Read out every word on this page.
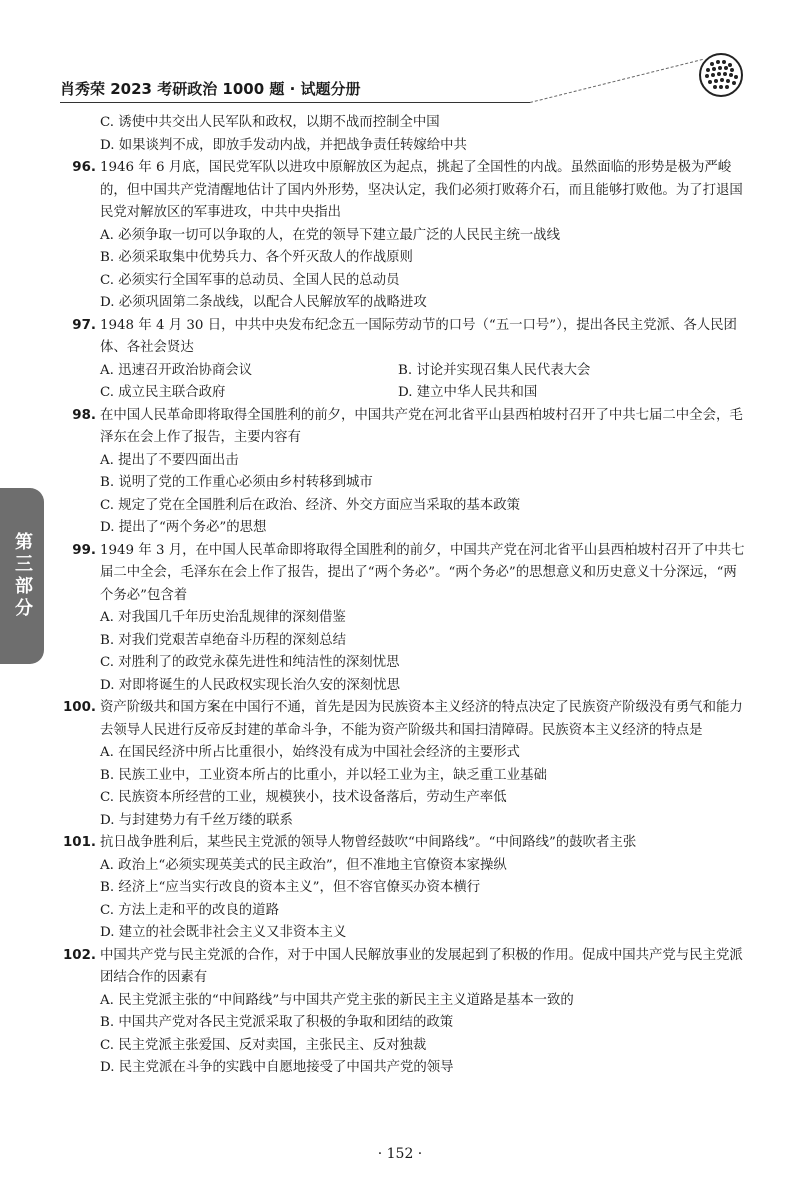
肖秀荣 2023 考研政治 1000 题 · 试题分册
第三部分
C. 诱使中共交出人民军队和政权，以期不战而控制全中国
D. 如果谈判不成，即放手发动内战，并把战争责任转嫁给中共
96. 1946 年 6 月底，国民党军队以进攻中原解放区为起点，挑起了全国性的内战。虽然面临的形势是极为严峻的，但中国共产党清醒地估计了国内外形势，坚决认定，我们必须打败蒋介石，而且能够打败他。为了打退国民党对解放区的军事进攻，中共中央指出
A. 必须争取一切可以争取的人，在党的领导下建立最广泛的人民民主统一战线
B. 必须采取集中优势兵力、各个歼灭敌人的作战原则
C. 必须实行全国军事的总动员、全国人民的总动员
D. 必须巩固第二条战线，以配合人民解放军的战略进攻
97. 1948 年 4 月 30 日，中共中央发布纪念五一国际劳动节的口号（“五一口号”），提出各民主党派、各人民团体、各社会贤达
A. 迅速召开政治协商会议	B. 讨论并实现召集人民代表大会
C. 成立民主联合政府	D. 建立中华人民共和国
98. 在中国人民革命即将取得全国胜利的前夕，中国共产党在河北省平山县西柏坡村召开了中共七届二中全会，毛泽东在会上作了报告，主要内容有
A. 提出了不要四面出击
B. 说明了党的工作重心必须由乡村转移到城市
C. 规定了党在全国胜利后在政治、经济、外交方面应当采取的基本政策
D. 提出了“两个务必”的思想
99. 1949 年 3 月，在中国人民革命即将取得全国胜利的前夕，中国共产党在河北省平山县西柏坡村召开了中共七届二中全会，毛泽东在会上作了报告，提出了“两个务必”。“两个务必”的思想意义和历史意义十分深远，“两个务必”包含着
A. 对我国几千年历史治乱规律的深刻借鉴
B. 对我们党艰苦卓绝奋斗历程的深刻总结
C. 对胜利了的政党永葆先进性和纯洁性的深刻忧思
D. 对即将诞生的人民政权实现长治久安的深刻忧思
100. 资产阶级共和国方案在中国行不通，首先是因为民族资本主义经济的特点决定了民族资产阶级没有勇气和能力去领导人民进行反帝反封建的革命斗争，不能为资产阶级共和国扫清障碍。民族资本主义经济的特点是
A. 在国民经济中所占比重很小，始终没有成为中国社会经济的主要形式
B. 民族工业中，工业资本所占的比重小，并以轻工业为主，缺乏重工业基础
C. 民族资本所经营的工业，规模狭小，技术设备落后，劳动生产率低
D. 与封建势力有千丝万缕的联系
101. 抗日战争胜利后，某些民主党派的领导人物曾经鼓吹“中间路线”。“中间路线”的鼓吹者主张
A. 政治上“必须实现英美式的民主政治”，但不准地主官僚资本家操纵
B. 经济上“应当实行改良的资本主义”，但不容官僚买办资本横行
C. 方法上走和平的改良的道路
D. 建立的社会既非社会主义又非资本主义
102. 中国共产党与民主党派的合作，对于中国人民解放事业的发展起到了积极的作用。促成中国共产党与民主党派团结合作的因素有
A. 民主党派主张的“中间路线”与中国共产党主张的新民主主义道路是基本一致的
B. 中国共产党对各民主党派采取了积极的争取和团结的政策
C. 民主党派主张爱国、反对卖国，主张民主、反对独裁
D. 民主党派在斗争的实践中自愿地接受了中国共产党的领导
· 152 ·
